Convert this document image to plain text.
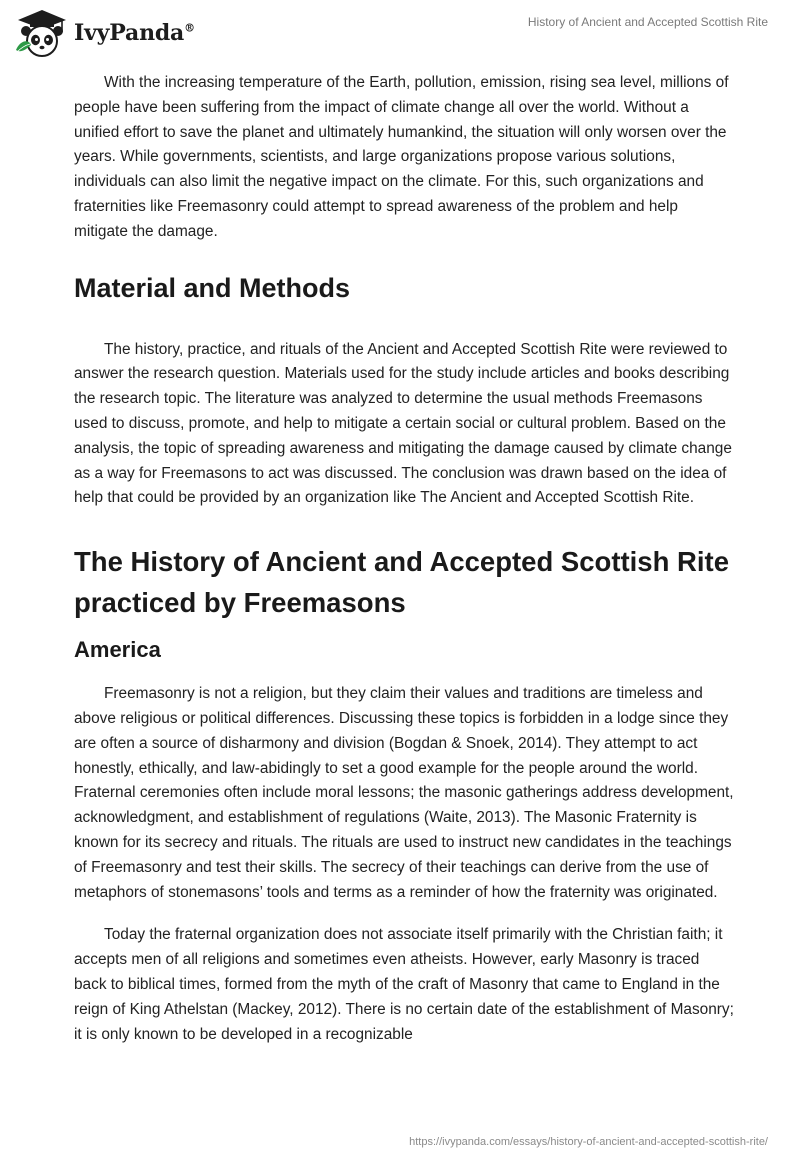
IvyPanda®	History of Ancient and Accepted Scottish Rite

With the increasing temperature of the Earth, pollution, emission, rising sea level, millions of people have been suffering from the impact of climate change all over the world. Without a unified effort to save the planet and ultimately humankind, the situation will only worsen over the years. While governments, scientists, and large organizations propose various solutions, individuals can also limit the negative impact on the climate. For this, such organizations and fraternities like Freemasonry could attempt to spread awareness of the problem and help mitigate the damage.

Material and Methods

The history, practice, and rituals of the Ancient and Accepted Scottish Rite were reviewed to answer the research question. Materials used for the study include articles and books describing the research topic. The literature was analyzed to determine the usual methods Freemasons used to discuss, promote, and help to mitigate a certain social or cultural problem. Based on the analysis, the topic of spreading awareness and mitigating the damage caused by climate change as a way for Freemasons to act was discussed. The conclusion was drawn based on the idea of help that could be provided by an organization like The Ancient and Accepted Scottish Rite.

The History of Ancient and Accepted Scottish Rite practiced by Freemasons
America

Freemasonry is not a religion, but they claim their values and traditions are timeless and above religious or political differences. Discussing these topics is forbidden in a lodge since they are often a source of disharmony and division (Bogdan & Snoek, 2014). They attempt to act honestly, ethically, and law-abidingly to set a good example for the people around the world. Fraternal ceremonies often include moral lessons; the masonic gatherings address development, acknowledgment, and establishment of regulations (Waite, 2013). The Masonic Fraternity is known for its secrecy and rituals. The rituals are used to instruct new candidates in the teachings of Freemasonry and test their skills. The secrecy of their teachings can derive from the use of metaphors of stonemasons’ tools and terms as a reminder of how the fraternity was originated.

Today the fraternal organization does not associate itself primarily with the Christian faith; it accepts men of all religions and sometimes even atheists. However, early Masonry is traced back to biblical times, formed from the myth of the craft of Masonry that came to England in the reign of King Athelstan (Mackey, 2012). There is no certain date of the establishment of Masonry; it is only known to be developed in a recognizable

https://ivypanda.com/essays/history-of-ancient-and-accepted-scottish-rite/
